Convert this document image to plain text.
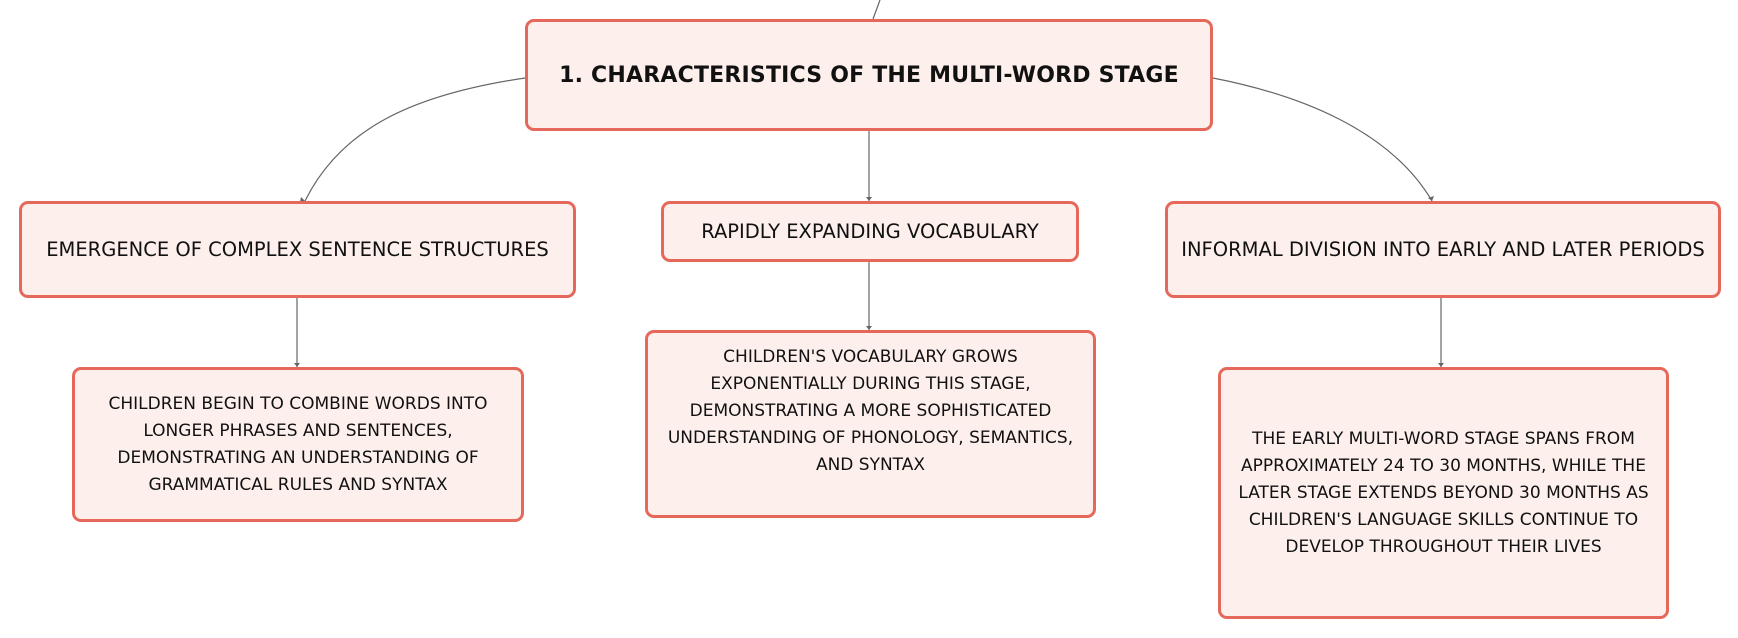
1. CHARACTERISTICS OF THE MULTI-WORD STAGE
EMERGENCE OF COMPLEX SENTENCE STRUCTURES
RAPIDLY EXPANDING VOCABULARY
INFORMAL DIVISION INTO EARLY AND LATER PERIODS
CHILDREN BEGIN TO COMBINE WORDS INTO LONGER PHRASES AND SENTENCES, DEMONSTRATING AN UNDERSTANDING OF GRAMMATICAL RULES AND SYNTAX
CHILDREN'S VOCABULARY GROWS EXPONENTIALLY DURING THIS STAGE, DEMONSTRATING A MORE SOPHISTICATED UNDERSTANDING OF PHONOLOGY, SEMANTICS, AND SYNTAX
THE EARLY MULTI-WORD STAGE SPANS FROM APPROXIMATELY 24 TO 30 MONTHS, WHILE THE LATER STAGE EXTENDS BEYOND 30 MONTHS AS CHILDREN'S LANGUAGE SKILLS CONTINUE TO DEVELOP THROUGHOUT THEIR LIVES
